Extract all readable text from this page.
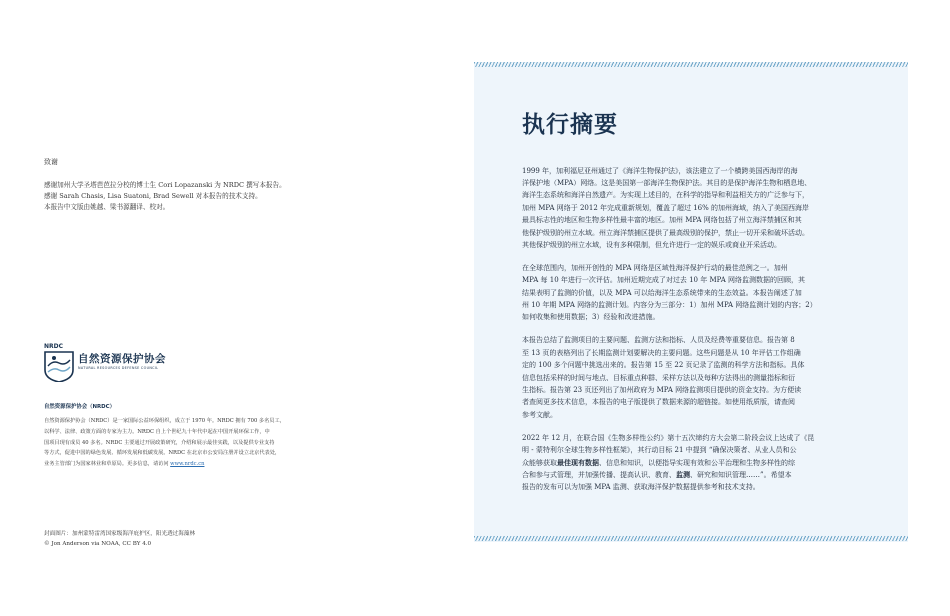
致谢
感谢加州大学圣塔芭芭拉分校的博士生 Cori Lopazanski 为 NRDC 撰写本报告。
感谢 Sarah Chasis, Lisa Suatoni, Brad Sewell 对本报告的技术支持。
本报告中文版由姚越、梁书源翻译、校对。
NRDC
自然资源保护协会
NATURAL RESOURCES DEFENSE COUNCIL
自然资源保护协会（NRDC）
自然资源保护协会（NRDC）是一家国际公益环保组织，成立于 1970 年。NRDC 拥有 700 多名员工，
以科学、法律、政策方面的专家为主力。NRDC 自上个世纪九十年代中起在中国开展环保工作，中
国项目现有成员 40 多名。NRDC 主要通过开展政策研究，介绍和展示最佳实践，以及提供专业支持
等方式，促进中国的绿色发展、循环发展和低碳发展。NRDC 在北京市公安局注册并设立北京代表处，
业务主管部门为国家林业和草原局。更多信息，请访问 www.nrdc.cn
封面图片：加州蒙特雷湾国家级海洋庇护区，阳光透过海藻林
© Jon Anderson via NOAA, CC BY 4.0
执行摘要

1999 年，加利福尼亚州通过了《海洋生物保护法》，该法建立了一个横跨美国西海岸的海
洋保护地（MPA）网络。这是美国第一部海洋生物保护法。其目的是保护海洋生物和栖息地、
海洋生态系统和海洋自然遗产。为实现上述目的，在科学的指导和利益相关方的广泛参与下，
加州 MPA 网络于 2012 年完成重新规划，覆盖了超过 16% 的加州海域，纳入了美国西海岸
最具标志性的地区和生物多样性最丰富的地区。加州 MPA 网络包括了州立海洋禁捕区和其
他保护级别的州立水域。州立海洋禁捕区提供了最高级别的保护，禁止一切开采和破坏活动。
其他保护级别的州立水域，设有多种限制，但允许进行一定的娱乐或商业开采活动。

在全球范围内，加州开创性的 MPA 网络是区域性海洋保护行动的最佳范例之一。加州
MPA 每 10 年进行一次评估。加州近期完成了对过去 10 年 MPA 网络监测数据的回顾，其
结果表明了监测的价值，以及 MPA 可以给海洋生态系统带来的生态效益。本报告阐述了加
州 10 年期 MPA 网络的监测计划。内容分为三部分：1）加州 MPA 网络监测计划的内容；2）
如何收集和使用数据；3）经验和改进措施。

本报告总结了监测项目的主要问题、监测方法和指标、人员及经费等重要信息。报告第 8
至 13 页的表格列出了长期监测计划要解决的主要问题。这些问题是从 10 年评估工作组确
定的 100 多个问题中挑选出来的。报告第 15 至 22 页记录了监测的科学方法和指标。具体
信息包括采样的时间与地点、目标重点种群、采样方法以及每种方法得出的测量指标和衍
生指标。报告第 23 页还列出了加州政府为 MPA 网络监测项目提供的资金支持。为方便读
者查阅更多技术信息，本报告的电子版提供了数据来源的超链接。如使用纸质版，请查阅
参考文献。

2022 年 12 月，在联合国《生物多样性公约》第十五次缔约方大会第二阶段会议上达成了《昆
明 - 蒙特利尔全球生物多样性框架》，其行动目标 21 中提到 “确保决策者、从业人员和公
众能够获取最佳现有数据、信息和知识，以便指导实现有效和公平治理和生物多样性的综
合和参与式管理，并加强传播、提高认识、教育、监测、研究和知识管理……”。希望本
报告的发布可以为加强 MPA 监测、获取海洋保护数据提供参考和技术支持。
